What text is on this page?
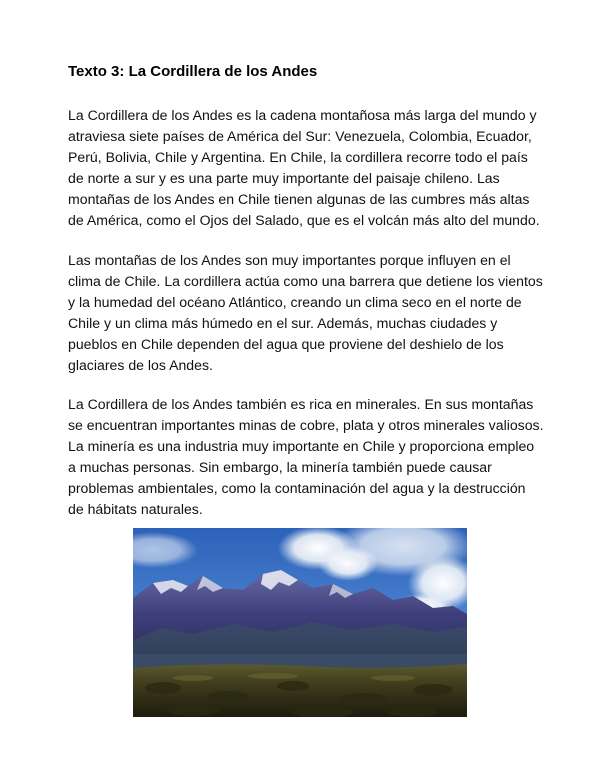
Texto 3: La Cordillera de los Andes

La Cordillera de los Andes es la cadena montañosa más larga del mundo y
atraviesa siete países de América del Sur: Venezuela, Colombia, Ecuador,
Perú, Bolivia, Chile y Argentina. En Chile, la cordillera recorre todo el país
de norte a sur y es una parte muy importante del paisaje chileno. Las
montañas de los Andes en Chile tienen algunas de las cumbres más altas
de América, como el Ojos del Salado, que es el volcán más alto del mundo.

Las montañas de los Andes son muy importantes porque influyen en el
clima de Chile. La cordillera actúa como una barrera que detiene los vientos
y la humedad del océano Atlántico, creando un clima seco en el norte de
Chile y un clima más húmedo en el sur. Además, muchas ciudades y
pueblos en Chile dependen del agua que proviene del deshielo de los
glaciares de los Andes.

La Cordillera de los Andes también es rica en minerales. En sus montañas
se encuentran importantes minas de cobre, plata y otros minerales valiosos.
La minería es una industria muy importante en Chile y proporciona empleo
a muchas personas. Sin embargo, la minería también puede causar
problemas ambientales, como la contaminación del agua y la destrucción
de hábitats naturales.
